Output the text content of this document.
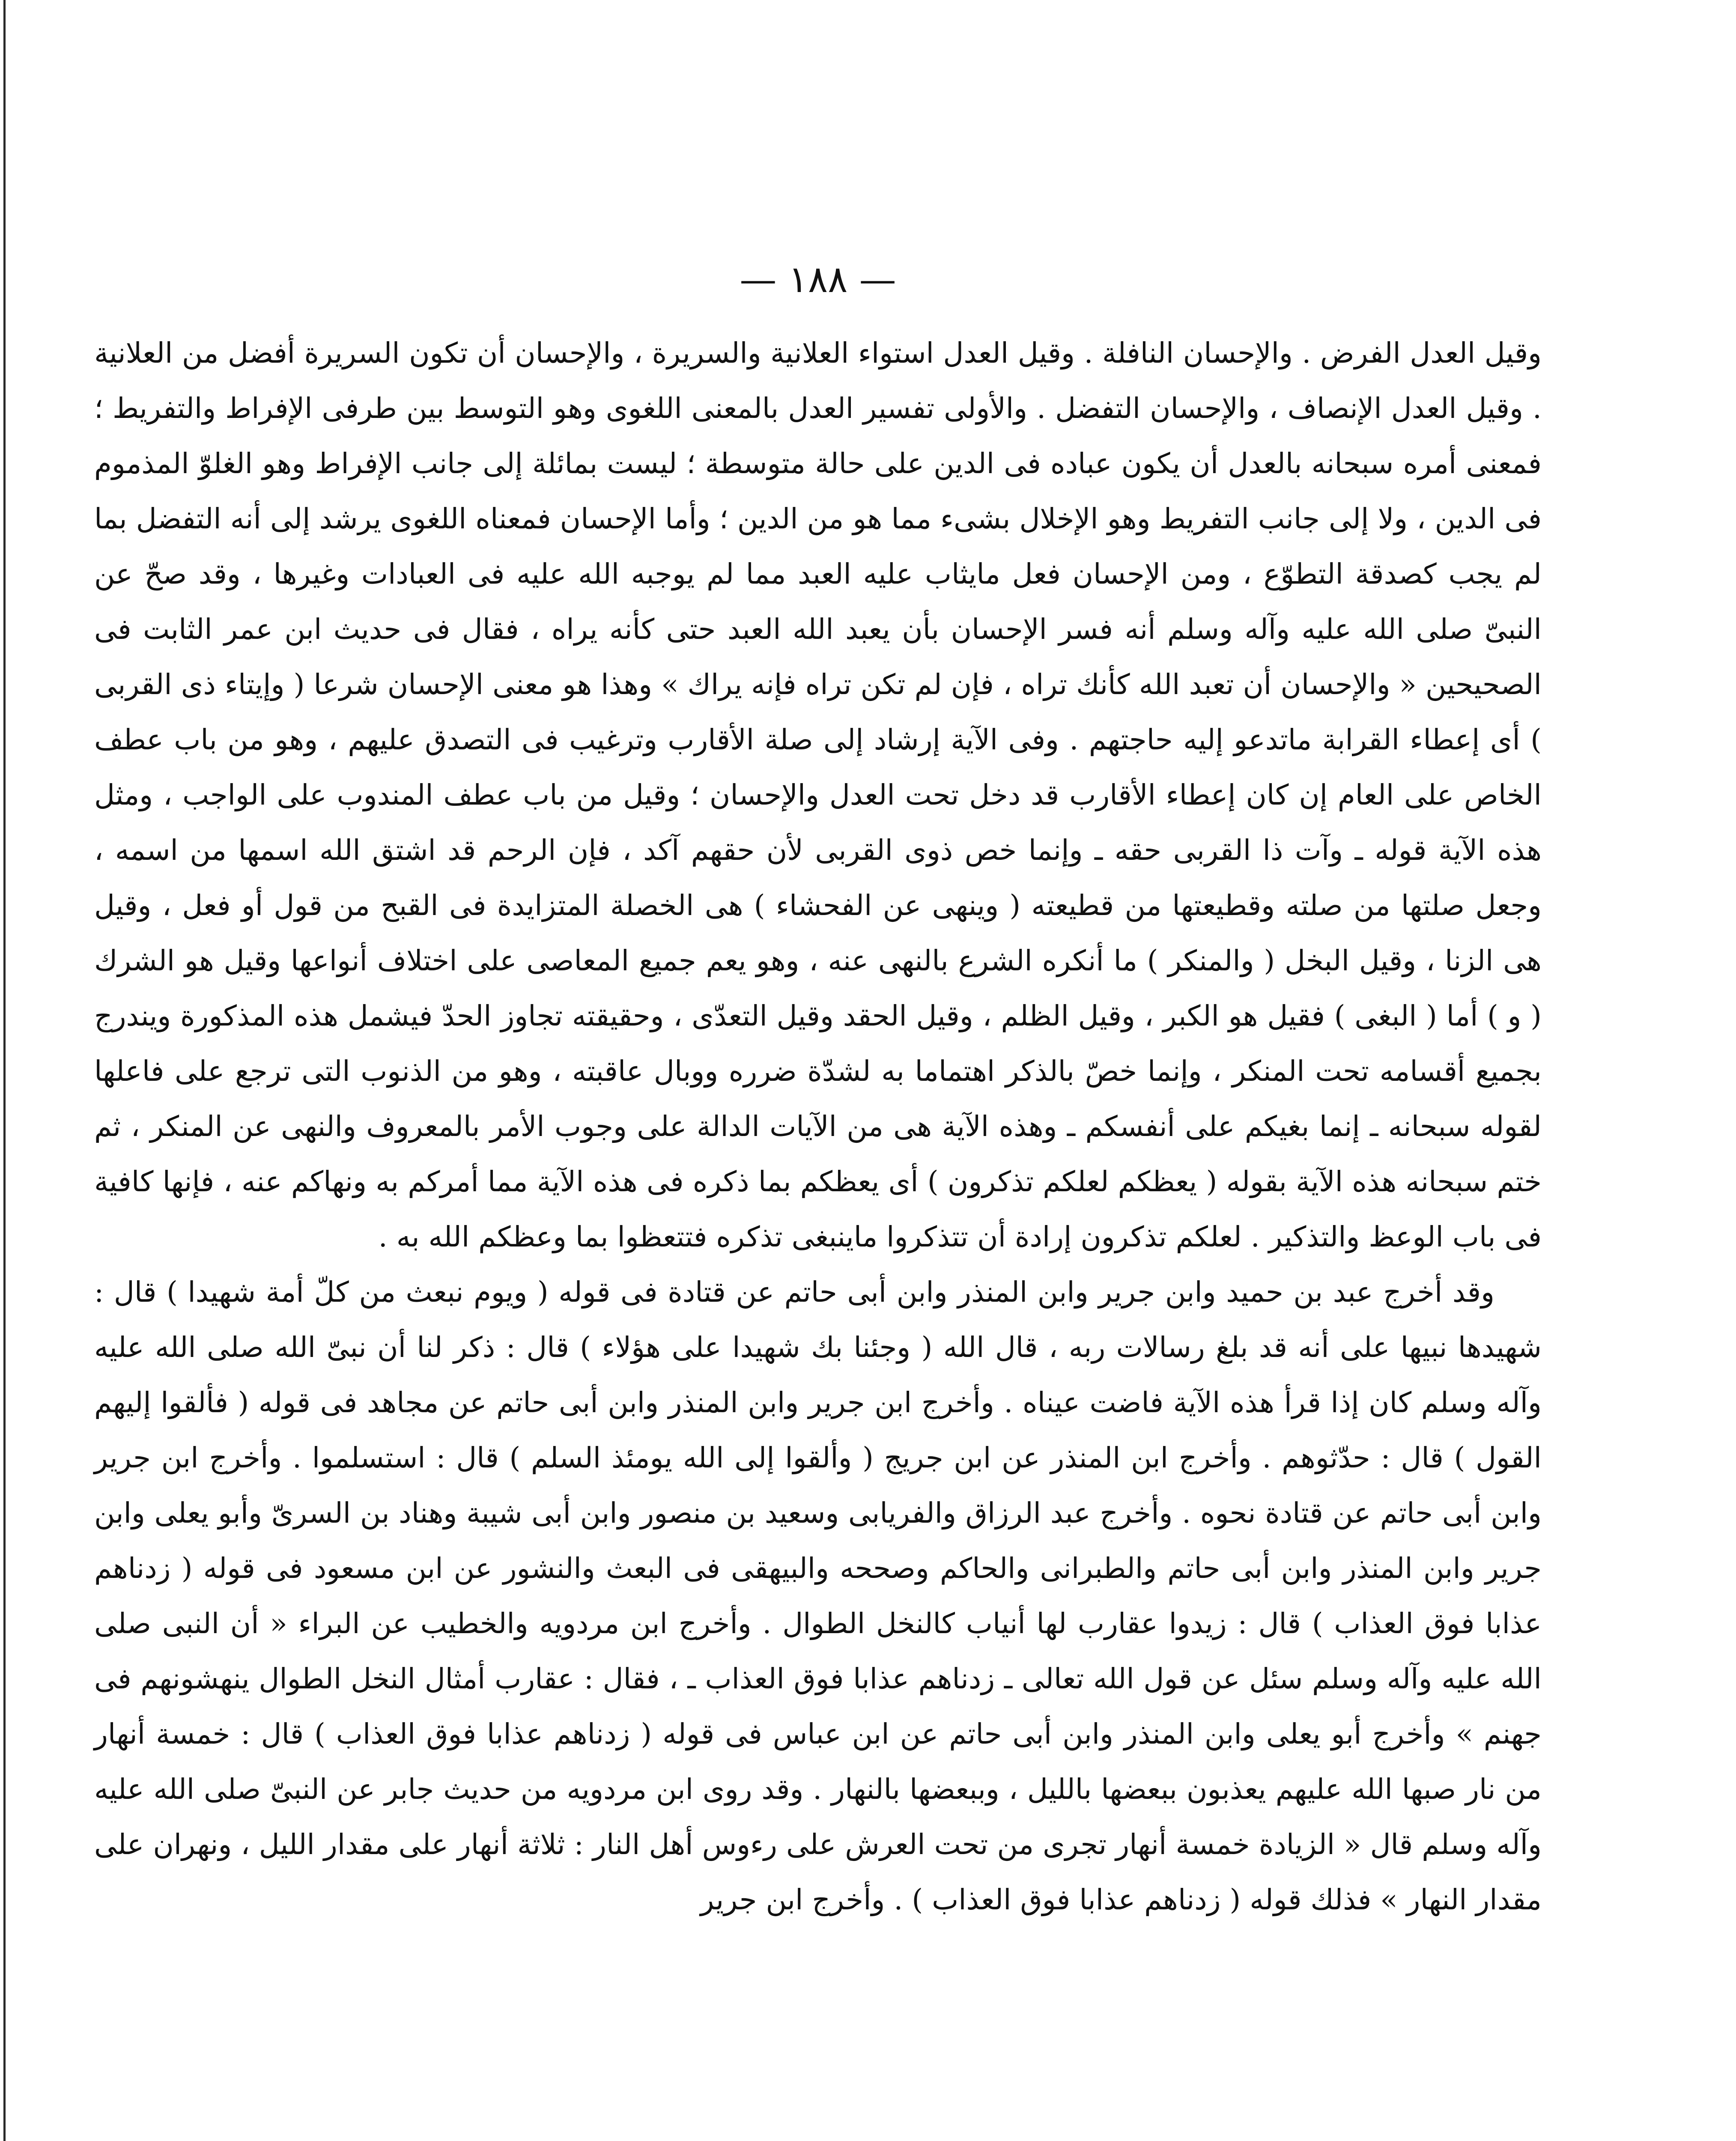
— ١٨٨ —

وقيل العدل الفرض . والإحسان النافلة . وقيل العدل استواء العلانية والسريرة ، والإحسان أن تكون السريرة أفضل من العلانية . وقيل العدل الإنصاف ، والإحسان التفضل . والأولى تفسير العدل بالمعنى اللغوى وهو التوسط بين طرفى الإفراط والتفريط ؛ فمعنى أمره سبحانه بالعدل أن يكون عباده فى الدين على حالة متوسطة ؛ ليست بمائلة إلى جانب الإفراط وهو الغلوّ المذموم فى الدين ، ولا إلى جانب التفريط وهو الإخلال بشىء مما هو من الدين ؛ وأما الإحسان فمعناه اللغوى يرشد إلى أنه التفضل بما لم يجب كصدقة التطوّع ، ومن الإحسان فعل مايثاب عليه العبد مما لم يوجبه الله عليه فى العبادات وغيرها ، وقد صحّ عن النبىّ صلى الله عليه وآله وسلم أنه فسر الإحسان بأن يعبد الله العبد حتى كأنه يراه ، فقال فى حديث ابن عمر الثابت فى الصحيحين « والإحسان أن تعبد الله كأنك تراه ، فإن لم تكن تراه فإنه يراك » وهذا هو معنى الإحسان شرعا ( وإيتاء ذى القربى ) أى إعطاء القرابة ماتدعو إليه حاجتهم . وفى الآية إرشاد إلى صلة الأقارب وترغيب فى التصدق عليهم ، وهو من باب عطف الخاص على العام إن كان إعطاء الأقارب قد دخل تحت العدل والإحسان ؛ وقيل من باب عطف المندوب على الواجب ، ومثل هذه الآية قوله ـ وآت ذا القربى حقه ـ وإنما خص ذوى القربى لأن حقهم آكد ، فإن الرحم قد اشتق الله اسمها من اسمه ، وجعل صلتها من صلته وقطيعتها من قطيعته ( وينهى عن الفحشاء ) هى الخصلة المتزايدة فى القبح من قول أو فعل ، وقيل هى الزنا ، وقيل البخل ( والمنكر ) ما أنكره الشرع بالنهى عنه ، وهو يعم جميع المعاصى على اختلاف أنواعها وقيل هو الشرك ( و ) أما ( البغى ) فقيل هو الكبر ، وقيل الظلم ، وقيل الحقد وقيل التعدّى ، وحقيقته تجاوز الحدّ فيشمل هذه المذكورة ويندرج بجميع أقسامه تحت المنكر ، وإنما خصّ بالذكر اهتماما به لشدّة ضرره ووبال عاقبته ، وهو من الذنوب التى ترجع على فاعلها لقوله سبحانه ـ إنما بغيكم على أنفسكم ـ وهذه الآية هى من الآيات الدالة على وجوب الأمر بالمعروف والنهى عن المنكر ، ثم ختم سبحانه هذه الآية بقوله ( يعظكم لعلكم تذكرون ) أى يعظكم بما ذكره فى هذه الآية مما أمركم به ونهاكم عنه ، فإنها كافية فى باب الوعظ والتذكير . لعلكم تذكرون إرادة أن تتذكروا ماينبغى تذكره فتتعظوا بما وعظكم الله به .

وقد أخرج عبد بن حميد وابن جرير وابن المنذر وابن أبى حاتم عن قتادة فى قوله ( ويوم نبعث من كلّ أمة شهيدا ) قال : شهيدها نبيها على أنه قد بلغ رسالات ربه ، قال الله ( وجئنا بك شهيدا على هؤلاء ) قال : ذكر لنا أن نبىّ الله صلى الله عليه وآله وسلم كان إذا قرأ هذه الآية فاضت عيناه . وأخرج ابن جرير وابن المنذر وابن أبى حاتم عن مجاهد فى قوله ( فألقوا إليهم القول ) قال : حدّثوهم . وأخرج ابن المنذر عن ابن جريج ( وألقوا إلى الله يومئذ السلم ) قال : استسلموا . وأخرج ابن جرير وابن أبى حاتم عن قتادة نحوه . وأخرج عبد الرزاق والفريابى وسعيد بن منصور وابن أبى شيبة وهناد بن السرىّ وأبو يعلى وابن جرير وابن المنذر وابن أبى حاتم والطبرانى والحاكم وصححه والبيهقى فى البعث والنشور عن ابن مسعود فى قوله ( زدناهم عذابا فوق العذاب ) قال : زيدوا عقارب لها أنياب كالنخل الطوال . وأخرج ابن مردويه والخطيب عن البراء « أن النبى صلى الله عليه وآله وسلم سئل عن قول الله تعالى ـ زدناهم عذابا فوق العذاب ـ ، فقال : عقارب أمثال النخل الطوال ينهشونهم فى جهنم » وأخرج أبو يعلى وابن المنذر وابن أبى حاتم عن ابن عباس فى قوله ( زدناهم عذابا فوق العذاب ) قال : خمسة أنهار من نار صبها الله عليهم يعذبون ببعضها بالليل ، وببعضها بالنهار . وقد روى ابن مردويه من حديث جابر عن النبىّ صلى الله عليه وآله وسلم قال « الزيادة خمسة أنهار تجرى من تحت العرش على رءوس أهل النار : ثلاثة أنهار على مقدار الليل ، ونهران على مقدار النهار » فذلك قوله ( زدناهم عذابا فوق العذاب ) . وأخرج ابن جرير
